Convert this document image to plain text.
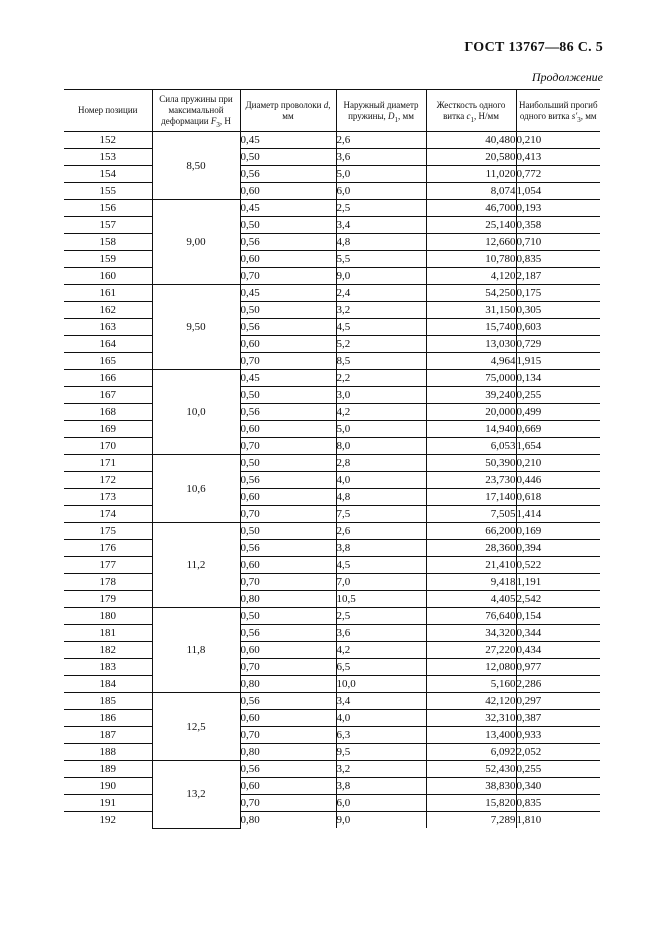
ГОСТ 13767—86 С. 5
Продолжение
Номер позиции	Сила пружины при максимальной деформации $F_3$, Н	Диаметр проволоки d, мм	Наружный диаметр пружины, $D_1$, мм	Жесткость одного витка $c_1$, Н/мм	Наибольший прогиб одного витка $s'_3$, мм
152	8,50	0,45	2,6	40,480	0,210
153		0,50	3,6	20,580	0,413
154		0,56	5,0	11,020	0,772
155		0,60	6,0	8,074	1,054
156	9,00	0,45	2,5	46,700	0,193
157		0,50	3,4	25,140	0,358
158		0,56	4,8	12,660	0,710
159		0,60	5,5	10,780	0,835
160		0,70	9,0	4,120	2,187
161	9,50	0,45	2,4	54,250	0,175
162		0,50	3,2	31,150	0,305
163		0,56	4,5	15,740	0,603
164		0,60	5,2	13,030	0,729
165		0,70	8,5	4,964	1,915
166	10,0	0,45	2,2	75,000	0,134
167		0,50	3,0	39,240	0,255
168		0,56	4,2	20,000	0,499
169		0,60	5,0	14,940	0,669
170		0,70	8,0	6,053	1,654
171	10,6	0,50	2,8	50,390	0,210
172		0,56	4,0	23,730	0,446
173		0,60	4,8	17,140	0,618
174		0,70	7,5	7,505	1,414
175	11,2	0,50	2,6	66,200	0,169
176		0,56	3,8	28,360	0,394
177		0,60	4,5	21,410	0,522
178		0,70	7,0	9,418	1,191
179		0,80	10,5	4,405	2,542
180	11,8	0,50	2,5	76,640	0,154
181		0,56	3,6	34,320	0,344
182		0,60	4,2	27,220	0,434
183		0,70	6,5	12,080	0,977
184		0,80	10,0	5,160	2,286
185	12,5	0,56	3,4	42,120	0,297
186		0,60	4,0	32,310	0,387
187		0,70	6,3	13,400	0,933
188		0,80	9,5	6,092	2,052
189	13,2	0,56	3,2	52,430	0,255
190		0,60	3,8	38,830	0,340
191		0,70	6,0	15,820	0,835
192		0,80	9,0	7,289	1,810
